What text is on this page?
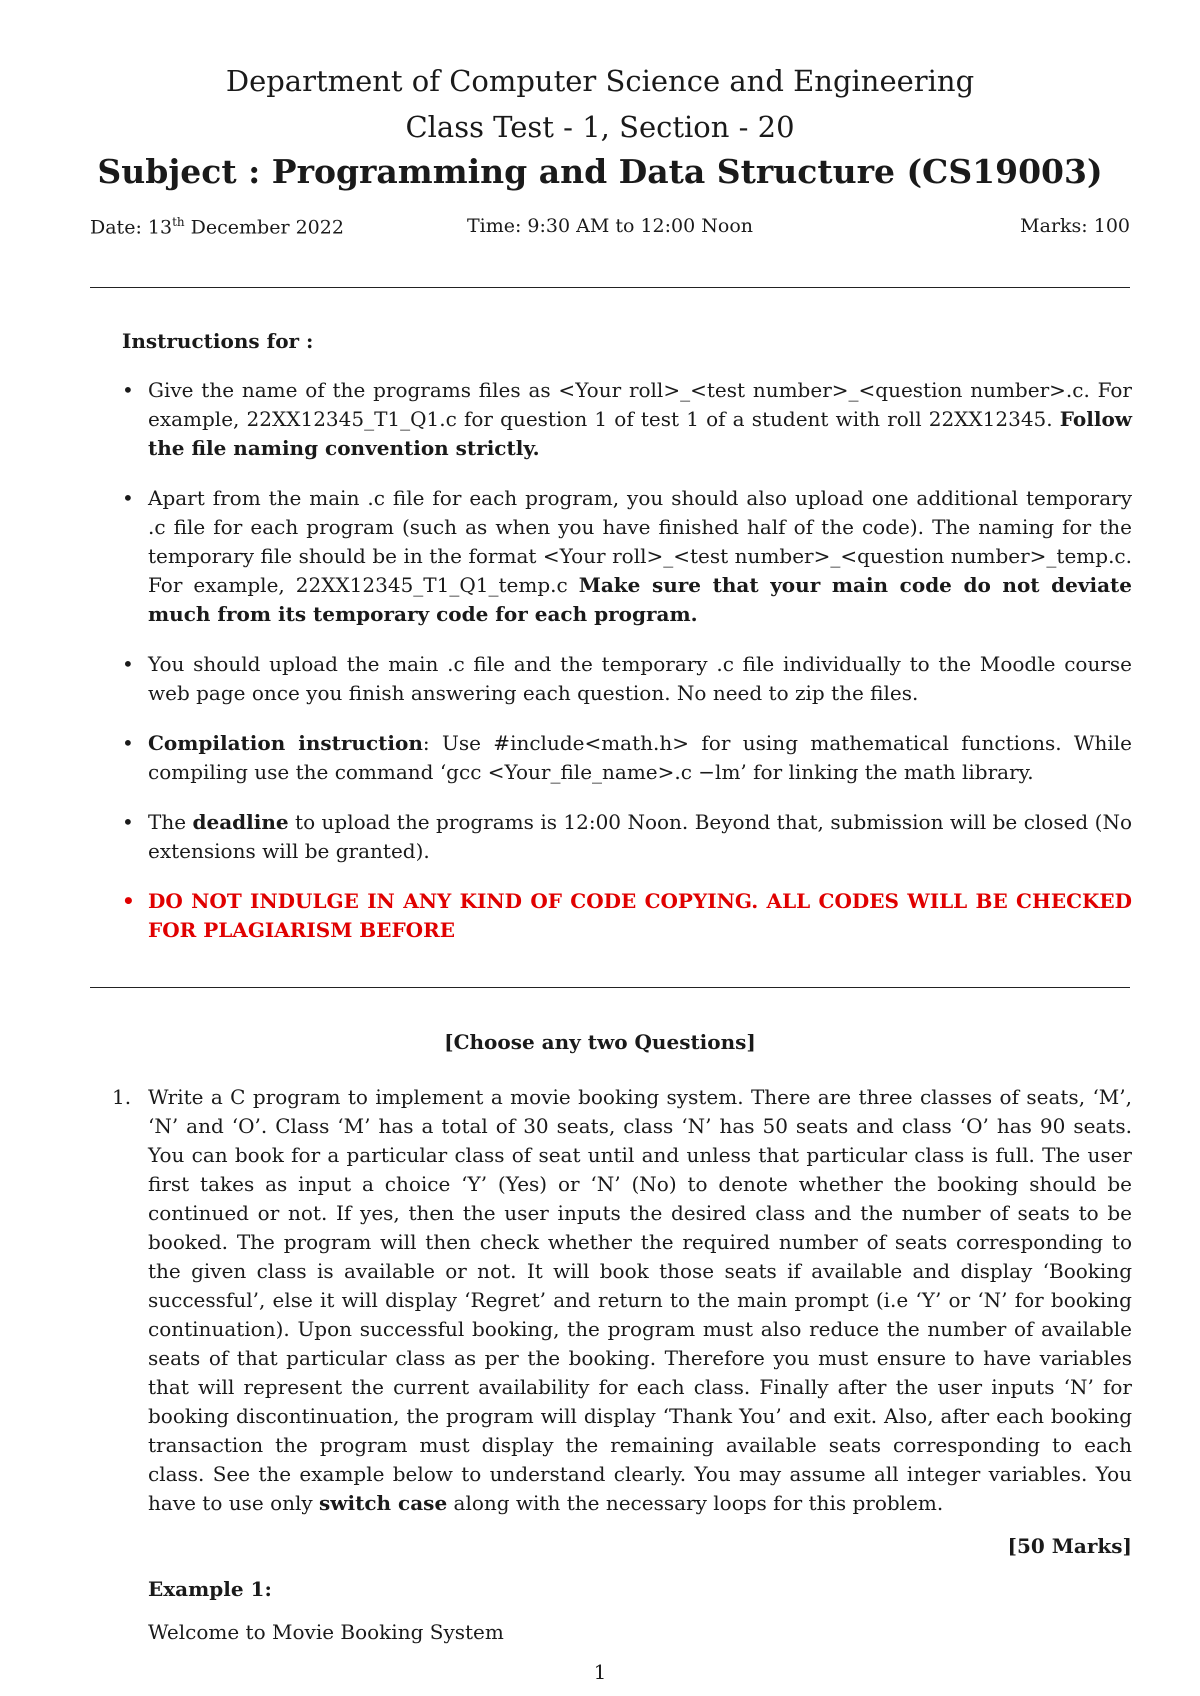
Department of Computer Science and Engineering
Class Test - 1, Section - 20
Subject : Programming and Data Structure (CS19003)
Date: 13th December 2022	Time: 9:30 AM to 12:00 Noon	Marks: 100
Instructions for :
• Give the name of the programs files as <Your roll>_<test number>_<question number>.c. For example, 22XX12345_T1_Q1.c for question 1 of test 1 of a student with roll 22XX12345. Follow the file naming convention strictly.
• Apart from the main .c file for each program, you should also upload one additional temporary .c file for each program (such as when you have finished half of the code). The naming for the temporary file should be in the format <Your roll>_<test number>_<question number>_temp.c. For example, 22XX12345_T1_Q1_temp.c Make sure that your main code do not deviate much from its temporary code for each program.
• You should upload the main .c file and the temporary .c file individually to the Moodle course web page once you finish answering each question. No need to zip the files.
• Compilation instruction: Use #include<math.h> for using mathematical functions. While compiling use the command ‘gcc <Your_file_name>.c −lm’ for linking the math library.
• The deadline to upload the programs is 12:00 Noon. Beyond that, submission will be closed (No extensions will be granted).
• DO NOT INDULGE IN ANY KIND OF CODE COPYING. ALL CODES WILL BE CHECKED FOR PLAGIARISM BEFORE
[Choose any two Questions]
1. Write a C program to implement a movie booking system. There are three classes of seats, ‘M’, ‘N’ and ‘O’. Class ‘M’ has a total of 30 seats, class ‘N’ has 50 seats and class ‘O’ has 90 seats. You can book for a particular class of seat until and unless that particular class is full. The user first takes as input a choice ‘Y’ (Yes) or ‘N’ (No) to denote whether the booking should be continued or not. If yes, then the user inputs the desired class and the number of seats to be booked. The program will then check whether the required number of seats corresponding to the given class is available or not. It will book those seats if available and display ‘Booking successful’, else it will display ‘Regret’ and return to the main prompt (i.e ‘Y’ or ‘N’ for booking continuation). Upon successful booking, the program must also reduce the number of available seats of that particular class as per the booking. Therefore you must ensure to have variables that will represent the current availability for each class. Finally after the user inputs ‘N’ for booking discontinuation, the program will display ‘Thank You’ and exit. Also, after each booking transaction the program must display the remaining available seats corresponding to each class. See the example below to understand clearly. You may assume all integer variables. You have to use only switch case along with the necessary loops for this problem.
[50 Marks]
Example 1:
Welcome to Movie Booking System
1
